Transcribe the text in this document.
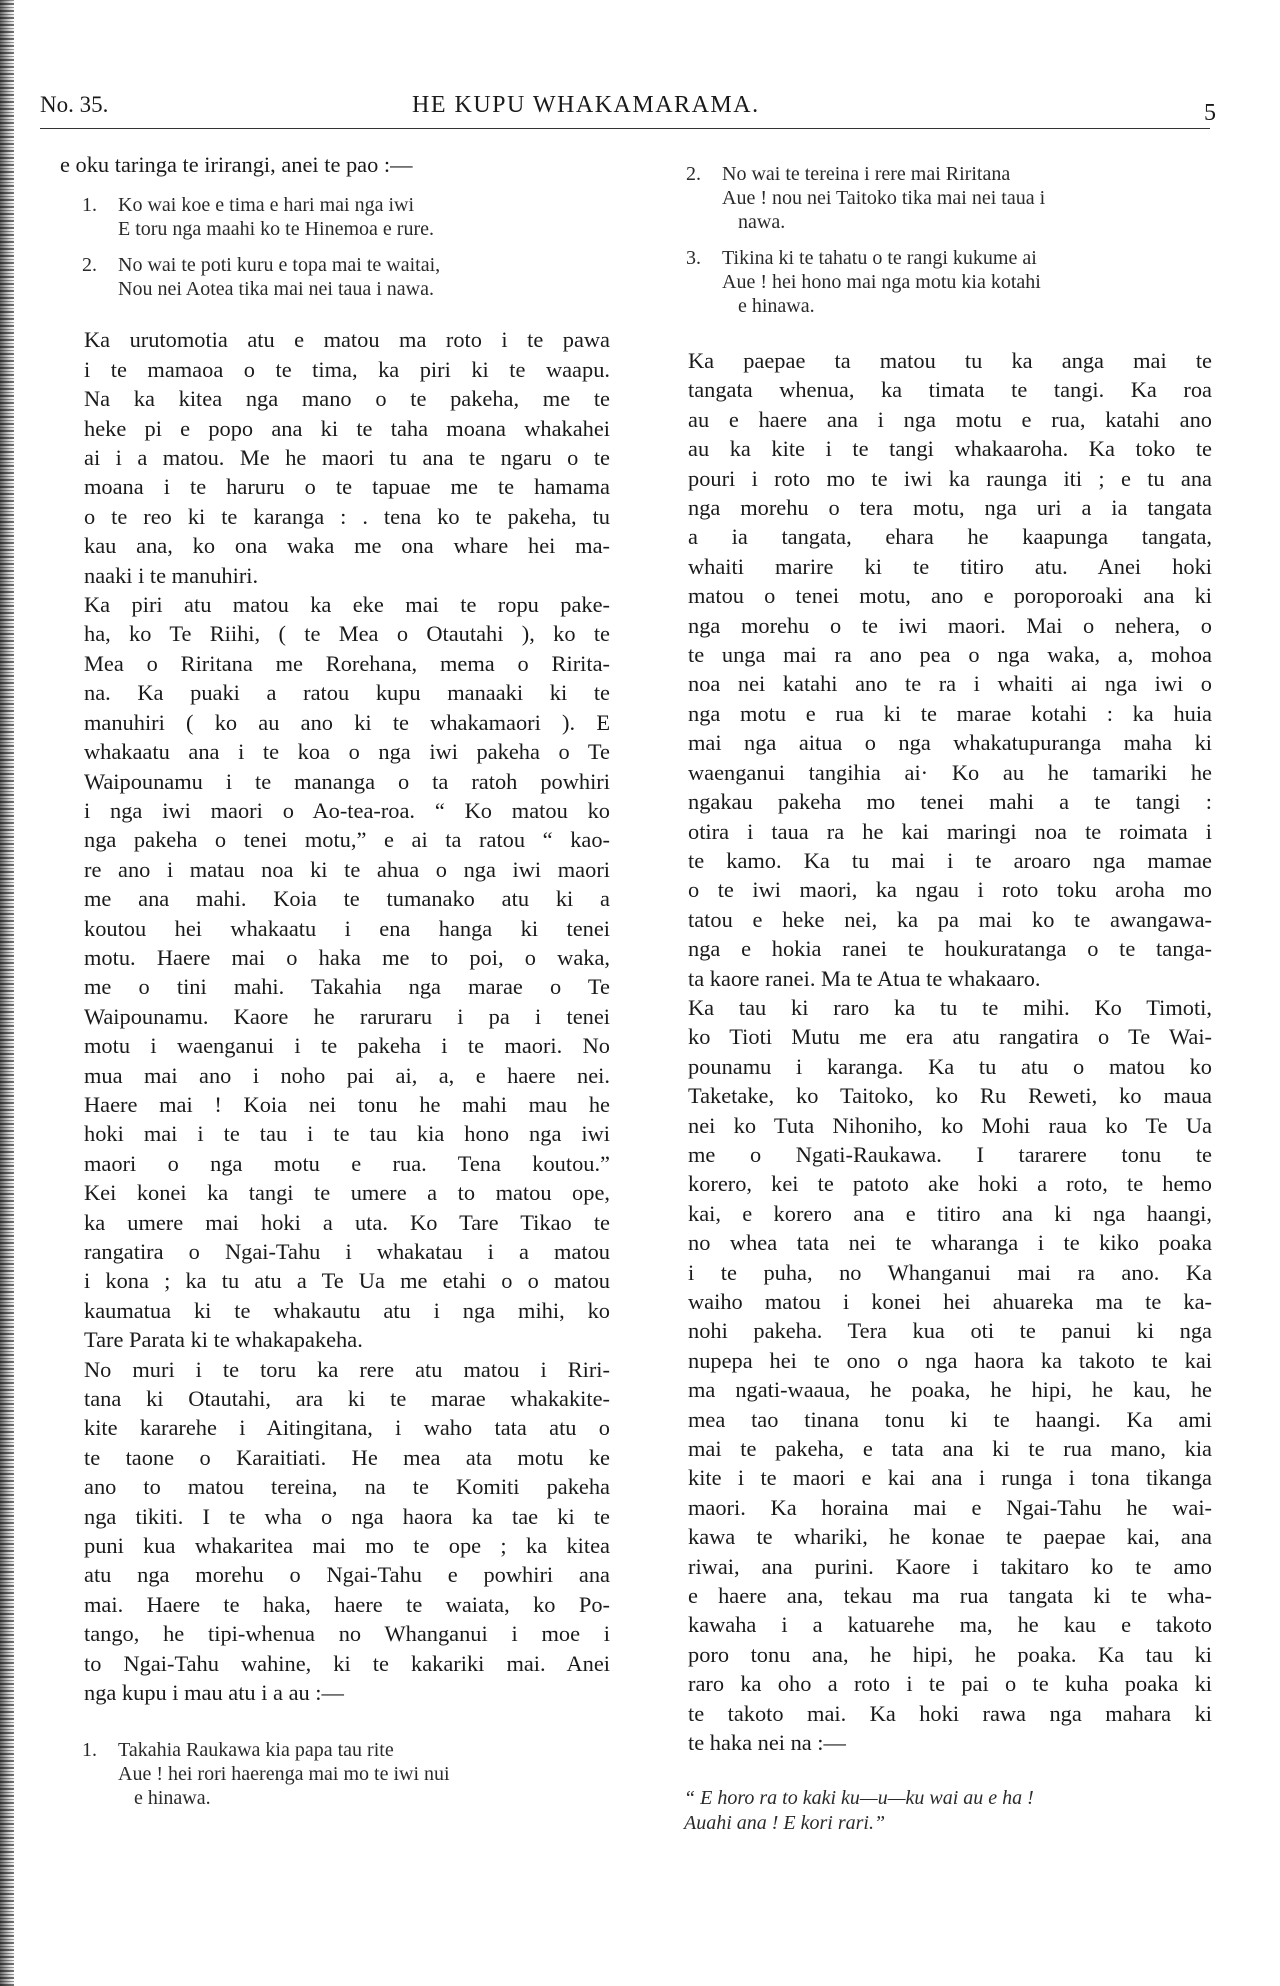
No. 35.	HE KUPU WHAKAMARAMA.	5

e oku taringa te irirangi, anei te pao :—

1. Ko wai koe e tima e hari mai nga iwi
E toru nga maahi ko te Hinemoa e rure.
2. No wai te poti kuru e topa mai te waitai,
Nou nei Aotea tika mai nei taua i nawa.

Ka urutomotia atu e matou ma roto i te pawa
i te mamaoa o te tima, ka piri ki te waapu.
Na ka kitea nga mano o te pakeha, me te
heke pi e popo ana ki te taha moana whakahei
ai i a matou. Me he maori tu ana te ngaru o te
moana i te haruru o te tapuae me te hamama
o te reo ki te karanga : . tena ko te pakeha, tu
kau ana, ko ona waka me ona whare hei ma-
naaki i te manuhiri.

Ka piri atu matou ka eke mai te ropu pake-
ha, ko Te Riihi, ( te Mea o Otautahi ), ko te
Mea o Riritana me Rorehana, mema o Ririta-
na. Ka puaki a ratou kupu manaaki ki te
manuhiri ( ko au ano ki te whakamaori ). E
whakaatu ana i te koa o nga iwi pakeha o Te
Waipounamu i te mananga o ta ratoh powhiri
i nga iwi maori o Ao-tea-roa. “ Ko matou ko
nga pakeha o tenei motu,” e ai ta ratou “ kao-
re ano i matau noa ki te ahua o nga iwi maori
me ana mahi. Koia te tumanako atu ki a
koutou hei whakaatu i ena hanga ki tenei
motu. Haere mai o haka me to poi, o waka,
me o tini mahi. Takahia nga marae o Te
Waipounamu. Kaore he raruraru i pa i tenei
motu i waenganui i te pakeha i te maori. No
mua mai ano i noho pai ai, a, e haere nei.
Haere mai ! Koia nei tonu he mahi mau he
hoki mai i te tau i te tau kia hono nga iwi
maori o nga motu e rua. Tena koutou.”
Kei konei ka tangi te umere a to matou ope,
ka umere mai hoki a uta. Ko Tare Tikao te
rangatira o Ngai-Tahu i whakatau i a matou
i kona ; ka tu atu a Te Ua me etahi o o matou
kaumatua ki te whakautu atu i nga mihi, ko
Tare Parata ki te whakapakeha.

No muri i te toru ka rere atu matou i Riri-
tana ki Otautahi, ara ki te marae whakakite-
kite kararehe i Aitingitana, i waho tata atu o
te taone o Karaitiati. He mea ata motu ke
ano to matou tereina, na te Komiti pakeha
nga tikiti. I te wha o nga haora ka tae ki te
puni kua whakaritea mai mo te ope ; ka kitea
atu nga morehu o Ngai-Tahu e powhiri ana
mai. Haere te haka, haere te waiata, ko Po-
tango, he tipi-whenua no Whanganui i moe i
to Ngai-Tahu wahine, ki te kakariki mai. Anei
nga kupu i mau atu i a au :—

1. Takahia Raukawa kia papa tau rite
Aue ! hei rori haerenga mai mo te iwi nui
e hinawa.
2. No wai te tereina i rere mai Riritana
Aue ! nou nei Taitoko tika mai nei taua i
nawa.
3. Tikina ki te tahatu o te rangi kukume ai
Aue ! hei hono mai nga motu kia kotahi
e hinawa.

Ka paepae ta matou tu ka anga mai te
tangata whenua, ka timata te tangi. Ka roa
au e haere ana i nga motu e rua, katahi ano
au ka kite i te tangi whakaaroha. Ka toko te
pouri i roto mo te iwi ka raunga iti ; e tu ana
nga morehu o tera motu, nga uri a ia tangata
a ia tangata, ehara he kaapunga tangata,
whaiti marire ki te titiro atu. Anei hoki
matou o tenei motu, ano e poroporoaki ana ki
nga morehu o te iwi maori. Mai o nehera, o
te unga mai ra ano pea o nga waka, a, mohoa
noa nei katahi ano te ra i whaiti ai nga iwi o
nga motu e rua ki te marae kotahi : ka huia
mai nga aitua o nga whakatupuranga maha ki
waenganui tangihia ai· Ko au he tamariki he
ngakau pakeha mo tenei mahi a te tangi :
otira i taua ra he kai maringi noa te roimata i
te kamo. Ka tu mai i te aroaro nga mamae
o te iwi maori, ka ngau i roto toku aroha mo
tatou e heke nei, ka pa mai ko te awangawa-
nga e hokia ranei te houkuratanga o te tanga-
ta kaore ranei. Ma te Atua te whakaaro.

Ka tau ki raro ka tu te mihi. Ko Timoti,
ko Tioti Mutu me era atu rangatira o Te Wai-
pounamu i karanga. Ka tu atu o matou ko
Taketake, ko Taitoko, ko Ru Reweti, ko maua
nei ko Tuta Nihoniho, ko Mohi raua ko Te Ua
me o Ngati-Raukawa. I tararere tonu te
korero, kei te patoto ake hoki a roto, te hemo
kai, e korero ana e titiro ana ki nga haangi,
no whea tata nei te wharanga i te kiko poaka
i te puha, no Whanganui mai ra ano. Ka
waiho matou i konei hei ahuareka ma te ka-
nohi pakeha. Tera kua oti te panui ki nga
nupepa hei te ono o nga haora ka takoto te kai
ma ngati-waaua, he poaka, he hipi, he kau, he
mea tao tinana tonu ki te haangi. Ka ami
mai te pakeha, e tata ana ki te rua mano, kia
kite i te maori e kai ana i runga i tona tikanga
maori. Ka horaina mai e Ngai-Tahu he wai-
kawa te whariki, he konae te paepae kai, ana
riwai, ana purini. Kaore i takitaro ko te amo
e haere ana, tekau ma rua tangata ki te wha-
kawaha i a katuarehe ma, he kau e takoto
poro tonu ana, he hipi, he poaka. Ka tau ki
raro ka oho a roto i te pai o te kuha poaka ki
te takoto mai. Ka hoki rawa nga mahara ki
te haka nei na :—

“ E horo ra to kaki ku—u—ku wai au e ha !
Auahi ana ! E kori rari.”
